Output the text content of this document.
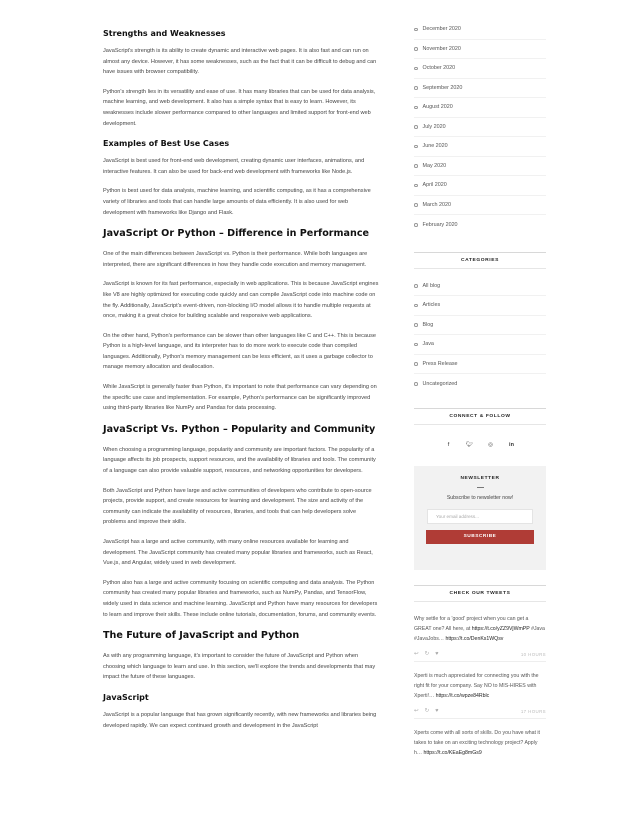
Strengths and Weaknesses

JavaScript's strength is its ability to create dynamic and interactive web pages. It is also fast and can run on almost any device. However, it has some weaknesses, such as the fact that it can be difficult to debug and can have issues with browser compatibility.

Python's strength lies in its versatility and ease of use. It has many libraries that can be used for data analysis, machine learning, and web development. It also has a simple syntax that is easy to learn. However, its weaknesses include slower performance compared to other languages and limited support for front-end web development.

Examples of Best Use Cases

JavaScript is best used for front-end web development, creating dynamic user interfaces, animations, and interactive features. It can also be used for back-end web development with frameworks like Node.js.

Python is best used for data analysis, machine learning, and scientific computing, as it has a comprehensive variety of libraries and tools that can handle large amounts of data efficiently. It is also used for web development with frameworks like Django and Flask.

JavaScript Or Python – Difference in Performance

One of the main differences between JavaScript vs. Python is their performance. While both languages are interpreted, there are significant differences in how they handle code execution and memory management.

JavaScript is known for its fast performance, especially in web applications. This is because JavaScript engines like V8 are highly optimized for executing code quickly and can compile JavaScript code into machine code on the fly. Additionally, JavaScript's event-driven, non-blocking I/O model allows it to handle multiple requests at once, making it a great choice for building scalable and responsive web applications.

On the other hand, Python's performance can be slower than other languages like C and C++. This is because Python is a high-level language, and its interpreter has to do more work to execute code than compiled languages. Additionally, Python's memory management can be less efficient, as it uses a garbage collector to manage memory allocation and deallocation.

While JavaScript is generally faster than Python, it's important to note that performance can vary depending on the specific use case and implementation. For example, Python's performance can be significantly improved using third-party libraries like NumPy and Pandas for data processing.

JavaScript Vs. Python – Popularity and Community

When choosing a programming language, popularity and community are important factors. The popularity of a language affects its job prospects, support resources, and the availability of libraries and tools. The community of a language can also provide valuable support, resources, and networking opportunities for developers.

Both JavaScript and Python have large and active communities of developers who contribute to open-source projects, provide support, and create resources for learning and development. The size and activity of the community can indicate the availability of resources, libraries, and tools that can help developers solve problems and improve their skills.

JavaScript has a large and active community, with many online resources available for learning and development. The JavaScript community has created many popular libraries and frameworks, such as React, Vue.js, and Angular, widely used in web development.

Python also has a large and active community focusing on scientific computing and data analysis. The Python community has created many popular libraries and frameworks, such as NumPy, Pandas, and TensorFlow, widely used in data science and machine learning. JavaScript and Python have many resources for developers to learn and improve their skills. These include online tutorials, documentation, forums, and community events.

The Future of JavaScript and Python

As with any programming language, it's important to consider the future of JavaScript and Python when choosing which language to learn and use. In this section, we'll explore the trends and developments that may impact the future of these languages.

JavaScript

JavaScript is a popular language that has grown significantly recently, with new frameworks and libraries being developed rapidly. We can expect continued growth and development in the JavaScript

December 2020
November 2020
October 2020
September 2020
August 2020
July 2020
June 2020
May 2020
April 2020
March 2020
February 2020
CATEGORIES
All blog
Articles
Blog
Java
Press Release
Uncategorized
CONNECT & FOLLOW
f	🐦︎	◎	in
NEWSLETTER
Subscribe to newsletter now!
Your email address...
SUBSCRIBE
CHECK OUR TWEETS
Why settle for a 'good' project when you can get a GREAT one? All here, at https://t.co/yZZ9VjWmPP #Java #JavaJobs… https://t.co/DenKs1WQsv
↩ ↻ ♥	10 HOURS
Xperti is much appreciated for connecting you with the right fit for your company. Say NO to MIS-HIRES with Xperti!… https://t.co/wpze84Rblc
↩ ↻ ♥	17 HOURS
Xperts come with all sorts of skills. Do you have what it takes to take on an exciting technology project? Apply h… https://t.co/KEaEg8mGs9
